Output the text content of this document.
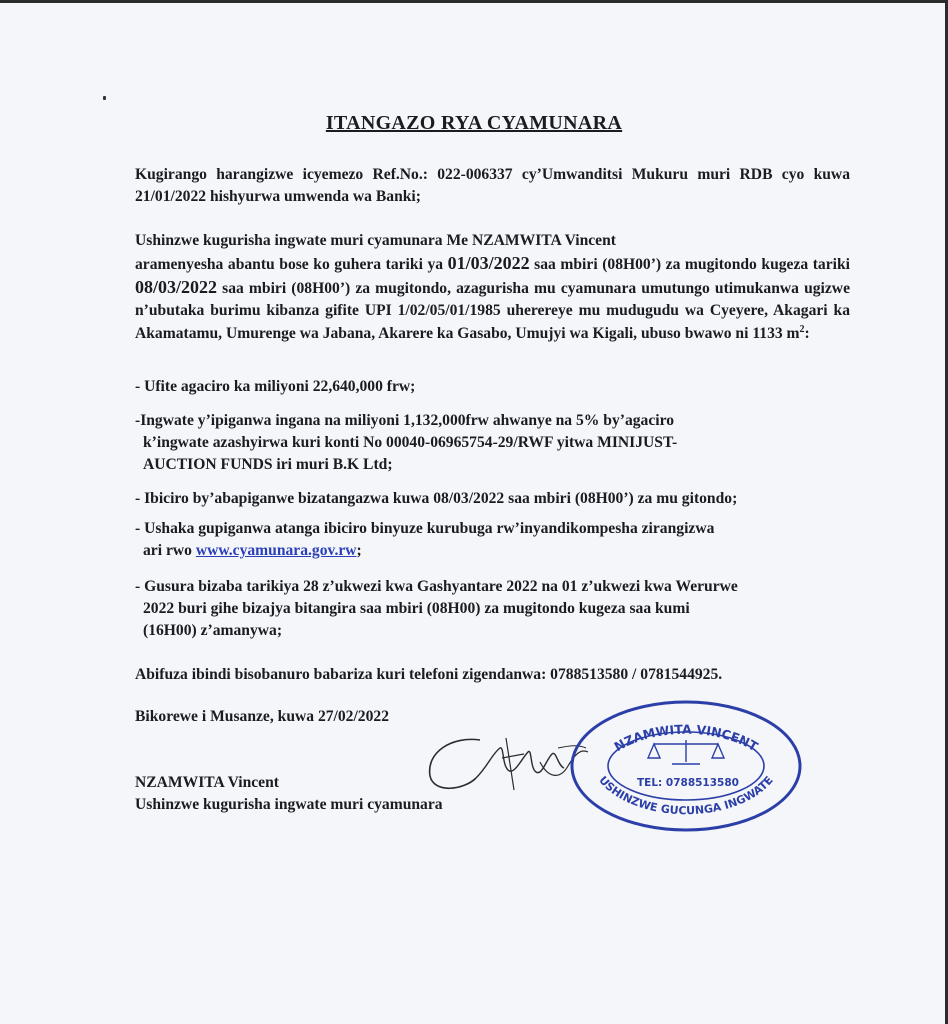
ITANGAZO RYA CYAMUNARA

Kugirango harangizwe icyemezo Ref.No.: 022-006337 cy’Umwanditsi Mukuru muri RDB cyo kuwa 21/01/2022 hishyurwa umwenda wa Banki;

Ushinzwe kugurisha ingwate muri cyamunara Me NZAMWITA Vincent

aramenyesha abantu bose ko guhera tariki ya 01/03/2022 saa mbiri (08H00’) za mugitondo kugeza tariki 08/03/2022 saa mbiri (08H00’) za mugitondo, azagurisha mu cyamunara umutungo utimukanwa ugizwe n’ubutaka burimu kibanza gifite UPI 1/02/05/01/1985 uherereye mu mudugudu wa Cyeyere, Akagari ka Akamatamu, Umurenge wa Jabana, Akarere ka Gasabo, Umujyi wa Kigali, ubuso bwawo ni 1133 $m^2$:

- Ufite agaciro ka miliyoni 22,640,000 frw;

-Ingwate y’ipiganwa ingana na miliyoni 1,132,000frw ahwanye na 5% by’agaciro

k’ingwate azashyirwa kuri konti No 00040-06965754-29/RWF yitwa MINIJUST-

AUCTION FUNDS iri muri B.K Ltd;

- Ibiciro by’abapiganwe bizatangazwa kuwa 08/03/2022 saa mbiri (08H00’) za mu gitondo;

- Ushaka gupiganwa atanga ibiciro binyuze kurubuga rw’inyandikompesha zirangizwa

ari rwo www.cyamunara.gov.rw;

- Gusura bizaba tarikiya 28 z’ukwezi kwa Gashyantare 2022 na 01 z’ukwezi kwa Werurwe

2022 buri gihe bizajya bitangira saa mbiri (08H00) za mugitondo kugeza saa kumi

(16H00) z’amanywa;

Abifuza ibindi bisobanuro babariza kuri telefoni zigendanwa: 0788513580 / 0781544925.

Bikorewe i Musanze, kuwa 27/02/2022

NZAMWITA Vincent

Ushinzwe kugurisha ingwate muri cyamunara

NZAMWITA VINCENT
USHINZWE GUCUNGA INGWATE
TEL: 0788513580
